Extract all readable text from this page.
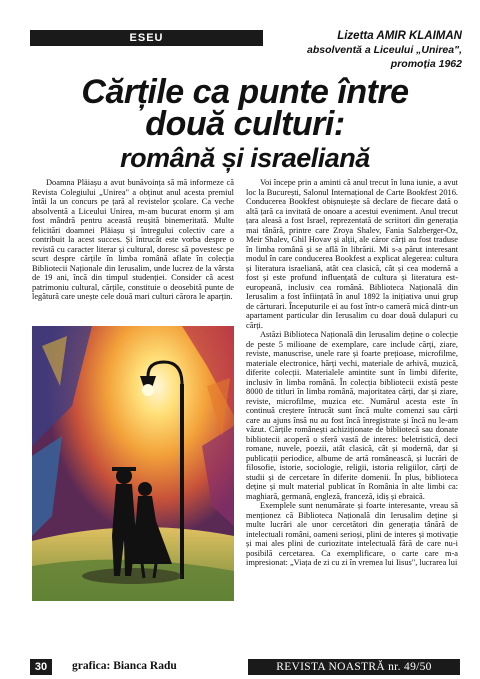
ESEU	Lizetta AMIR KLAIMAN
absolventă a Liceului „Unirea",
promoția 1962
Cărțile ca punte între
două culturi:
română și israeliană

Doamna Pläiașu a avut bunăvoința să mă informeze că Revista Colegiului „Unirea" a obținut anul acesta premiul întâi la un concurs pe țară al revistelor școlare. Ca veche absolventă a Liceului Unirea, m-am bucurat enorm și am fost mândră pentru această reușită binemeritată. Multe felicitări doamnei Pläiașu și întregului colectiv care a contribuit la acest succes. Și întrucât este vorba despre o revistă cu caracter literar și cultural, doresc să povestesc pe scurt despre cărțile în limba română aflate în colecția Bibliotecii Naționale din Ierusalim, unde lucrez de la vârsta de 19 ani, încă din timpul studenției. Consider că acest patrimoniu cultural, cărțile, constituie o deosebită punte de legătură care unește cele două mari culturi cărora le aparțin.

Voi începe prin a aminti că anul trecut în luna iunie, a avut loc la București, Salonul Internațional de Carte Bookfest 2016. Conducerea Bookfest obișnuiește să declare de fiecare dată o altă țară ca invitată de onoare a acestui eveniment. Anul trecut țara aleasă a fost Israel, reprezentată de scriitori din generația mai tânără, printre care Zroya Shalev, Fania Salzberger-Oz, Meir Shalev, Ghil Hovav și alții, ale căror cărți au fost traduse în limba română și se află în librării. Mi s-a părut interesant modul în care conducerea Bookfest a explicat alegerea: cultura și literatura israeliană, atât cea clasică, cât și cea modernă a fost și este profund influențată de cultura și literatura est-europeană, inclusiv cea română. Biblioteca Națională din Ierusalim a fost înființată în anul 1892 la inițiativa unui grup de cărturari. Începuturile ei au fost într-o cameră mică dintr-un apartament particular din Ierusalim cu doar două dulapuri cu cărți.

Astăzi Biblioteca Națională din Ierusalim deține o colecție de peste 5 milioane de exemplare, care include cărți, ziare, reviste, manuscrise, unele rare și foarte prețioase, microfilme, materiale electronice, hărți vechi, materiale de arhivă, muzică, diferite colecții. Materialele amintite sunt în limbi diferite, inclusiv în limba română. În colecția bibliotecii există peste 8000 de titluri în limba română, majoritatea cărți, dar și ziare, reviste, microfilme, muzica etc. Numărul acesta este în continuă creștere întrucât sunt încă multe comenzi sau cărți care au ajuns însă nu au fost încă înregistrate și încă nu le-am văzut. Cărțile românești achiziționate de bibliotecă sau donate bibliotecii acoperă o sferă vastă de interes: beletristică, deci romane, nuvele, poezii, atât clasică, cât și modernă, dar și publicații periodice, albume de artă românească, și lucrări de filosofie, istorie, sociologie, religii, istoria religiilor, cărți de studii și de cercetare în diferite domenii. În plus, biblioteca deține și mult material publicat în România în alte limbi ca: maghiară, germană, engleză, franceză, idiș și ebraică.

Exemplele sunt nenumărate și foarte interesante, vreau să menționez că Biblioteca Națională din Ierusalim deține și multe lucrări ale unor cercetători din generația tânără de intelectuali români, oameni serioși, plini de interes și motivație și mai ales plini de curiozitate intelectuală fără de care nu-i posibilă cercetarea. Ca exemplificare, o carte care m-a impresionat: „Viața de zi cu zi în vremea lui Iisus", lucrarea lui

30	grafica: Bianca Radu	REVISTA NOASTRĂ nr. 49/50
